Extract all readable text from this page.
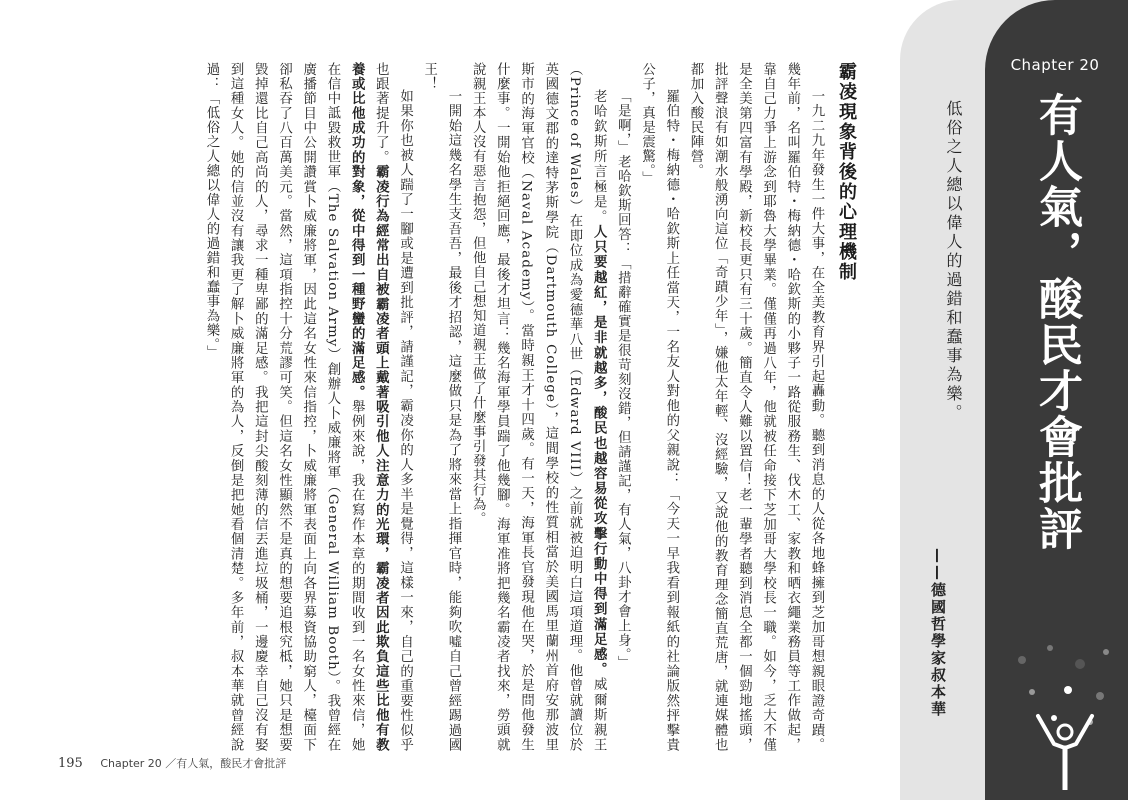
Chapter 20
有人氣，酸民才會批評
低俗之人總以偉人的過錯和蠢事為樂。
——德國哲學家叔本華
霸凌現象背後的心理機制

一九二九年發生一件大事，在全美教育界引起轟動。聽到消息的人從各地蜂擁到芝加哥想親眼證奇蹟。幾年前，名叫羅伯特・梅納德・哈欽斯的小夥子一路從服務生、伐木工、家教和晒衣繩業務員等工作做起，靠自己力爭上游念到耶魯大學畢業。僅僅再過八年，他就被任命接下芝加哥大學校長一職。如今，乏大不僅是全美第四富有學殿，新校長更只有三十歲。簡直令人難以置信！老一輩學者聽到消息全都一個勁地搖頭，批評聲浪有如潮水般湧向這位「奇蹟少年」，嫌他太年輕、沒經驗，又說他的教育理念簡直荒唐，就連媒體也都加入酸民陣營。

羅伯特・梅納德・哈欽斯上任當天，一名友人對他的父親說：「今天一早我看到報紙的社論版然抨擊貴公子，真是震驚。」

「是啊，」老哈欽斯回答：「措辭確實是很苛刻沒錯，但請謹記，有人氣，八卦才會上身。」

老哈欽斯所言極是。人只要越紅，是非就越多，酸民也越容易從攻擊行動中得到滿足感。威爾斯親王（Prince of Wales）在即位成為愛德華八世（Edward VIII）之前就被迫明白這項道理。他曾就讀位於英國德文郡的達特茅斯學院（Dartmouth College），這間學校的性質相當於美國馬里蘭州首府安那波里斯市的海軍官校（Naval Academy）。當時親王才十四歲。有一天，海軍長官發現他在哭，於是問他發生什麼事。一開始他拒絕回應，最後才坦言：幾名海軍學員踹了他幾腳。海軍准將把幾名霸凌者找來，勞頭就說親王本人沒有惡言抱怨，但他自己想知道親王做了什麼事引發其行為。

一開始這幾名學生支吾吾，最後才招認，這麼做只是為了將來當上指揮官時，能夠吹噓自己曾經踢過國王！

如果你也被人踹了一腳或是遭到批評，請謹記，霸凌你的人多半是覺得，這樣一來，自己的重要性似乎也跟著提升了。霸凌行為經常出自被霸凌者頭上戴著吸引他人注意力的光環，霸凌者因此欺負這些比他有教養或比他成功的對象，從中得到一種野蠻的滿足感。舉例來說，我在寫作本章的期間收到一名女性來信，她在信中詆毀救世軍（The Salvation Army）創辦人卜威廉將軍（General William Booth）。我曾經在廣播節目中公開讚賞卜威廉將軍，因此這名女性來信指控，卜威廉將軍表面上向各界募資協助窮人，檯面下卻私吞了八百萬美元。當然，這項指控十分荒謬可笑。但這名女性顯然不是真的想要追根究柢，她只是想要毀掉還比自己高尚的人，尋求一種卑鄙的滿足感。我把這封尖酸刻薄的信丟進垃圾桶，一邊慶幸自己沒有娶到這種女人。她的信並沒有讓我更了解卜威廉將軍的為人，反倒是把她看個清楚。多年前，叔本華就曾經說過：「低俗之人總以偉人的過錯和蠢事為樂。」

195 Chapter 20 ／有人氣，酸民才會批評
